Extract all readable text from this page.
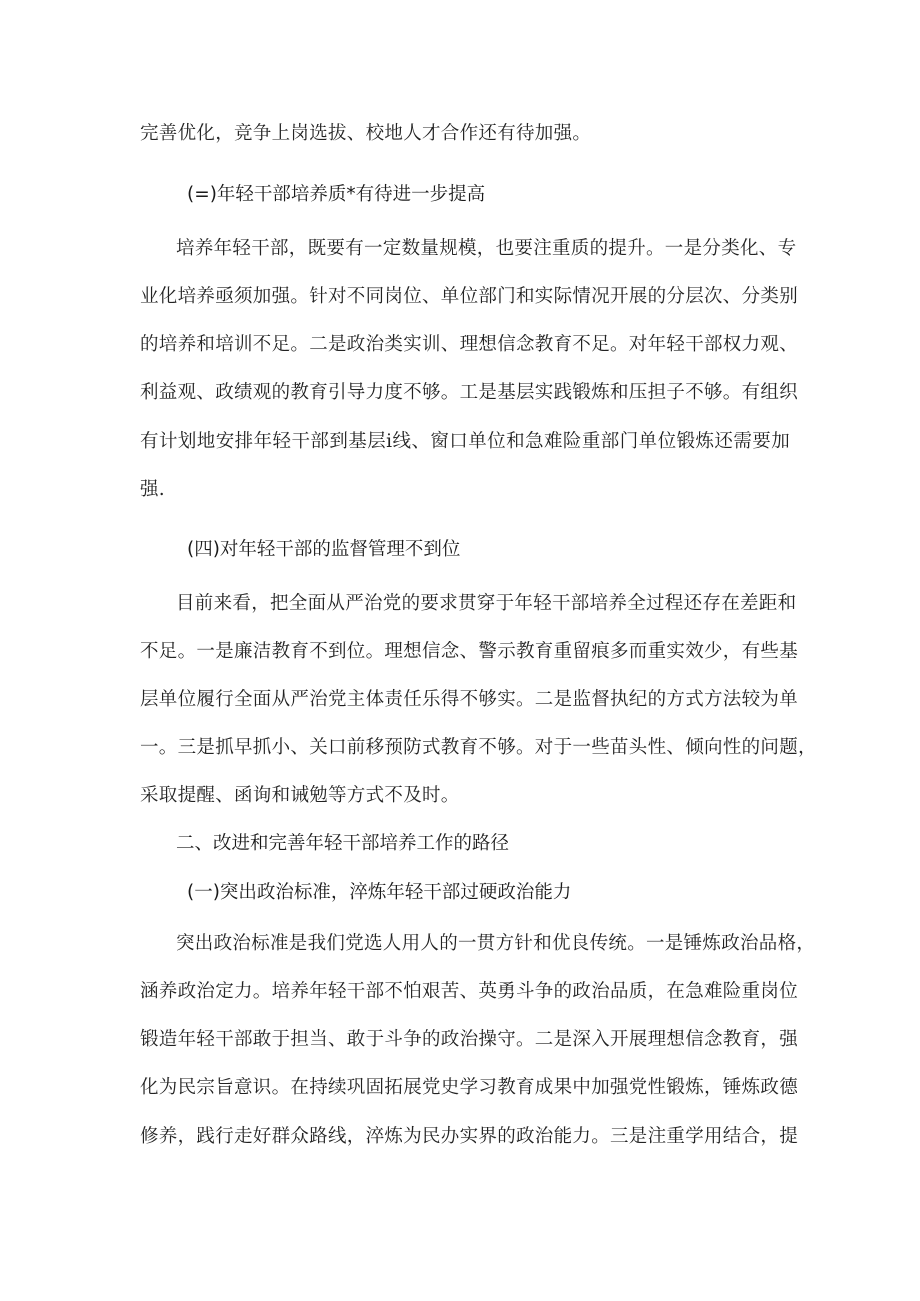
完善优化，竞争上岗选拔、校地人才合作还有待加强。
(=)年轻干部培养质*有待进一步提高
培养年轻干部，既要有一定数量规模，也要注重质的提升。一是分类化、专
业化培养亟须加强。针对不同岗位、单位部门和实际情况开展的分层次、分类别
的培养和培训不足。二是政治类实训、理想信念教育不足。对年轻干部权力观、
利益观、政绩观的教育引导力度不够。工是基层实践锻炼和压担子不够。有组织
有计划地安排年轻干部到基层i线、窗口单位和急难险重部门单位锻炼还需要加
强.
(四)对年轻干部的监督管理不到位
目前来看，把全面从严治党的要求贯穿于年轻干部培养全过程还存在差距和
不足。一是廉洁教育不到位。理想信念、警示教育重留痕多而重实效少，有些基
层单位履行全面从严治党主体责任乐得不够实。二是监督执纪的方式方法较为单
一。三是抓早抓小、关口前移预防式教育不够。对于一些苗头性、倾向性的问题，
采取提醒、函询和诫勉等方式不及时。
二、改进和完善年轻干部培养工作的路径
(一)突出政治标准，淬炼年轻干部过硬政治能力
突出政治标准是我们党选人用人的一贯方针和优良传统。一是锤炼政治品格，
涵养政治定力。培养年轻干部不怕艰苦、英勇斗争的政治品质，在急难险重岗位
锻造年轻干部敢于担当、敢于斗争的政治操守。二是深入开展理想信念教育，强
化为民宗旨意识。在持续巩固拓展党史学习教育成果中加强党性锻炼，锤炼政德
修养，践行走好群众路线，淬炼为民办实界的政治能力。三是注重学用结合，提
